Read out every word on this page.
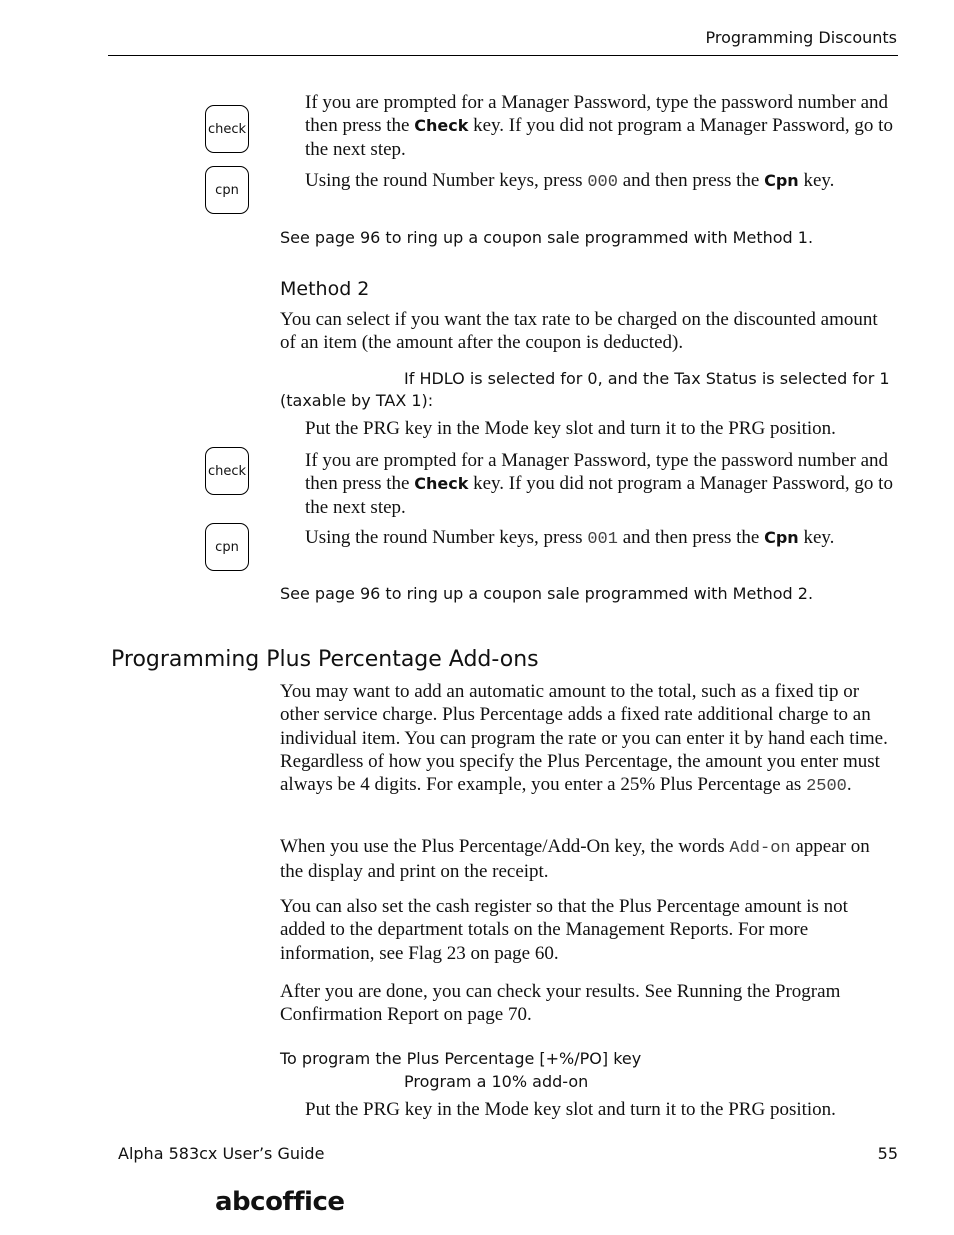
Programming Discounts
check
If you are prompted for a Manager Password, type the password number and then press the Check key. If you did not program a Manager Password, go to the next step.
cpn	Using the round Number keys, press 000 and then press the Cpn key.
See page 96 to ring up a coupon sale programmed with Method 1.
Method 2
You can select if you want the tax rate to be charged on the discounted amount of an item (the amount after the coupon is deducted).
If HDLO is selected for 0, and the Tax Status is selected for 1
(taxable by TAX 1):
Put the PRG key in the Mode key slot and turn it to the PRG position.
check	If you are prompted for a Manager Password, type the password number and then press the Check key. If you did not program a Manager Password, go to the next step.
cpn	Using the round Number keys, press 001 and then press the Cpn key.
See page 96 to ring up a coupon sale programmed with Method 2.
Programming Plus Percentage Add-ons
You may want to add an automatic amount to the total, such as a fixed tip or other service charge. Plus Percentage adds a fixed rate additional charge to an individual item. You can program the rate or you can enter it by hand each time. Regardless of how you specify the Plus Percentage, the amount you enter must always be 4 digits. For example, you enter a 25% Plus Percentage as 2500.
When you use the Plus Percentage/Add-On key, the words Add-on appear on the display and print on the receipt.
You can also set the cash register so that the Plus Percentage amount is not added to the department totals on the Management Reports. For more information, see Flag 23 on page 60.
After you are done, you can check your results. See Running the Program Confirmation Report on page 70.
To program the Plus Percentage [+%/PO] key
Program a 10% add-on
Put the PRG key in the Mode key slot and turn it to the PRG position.
Alpha 583cx User’s Guide	55
abcoffice
